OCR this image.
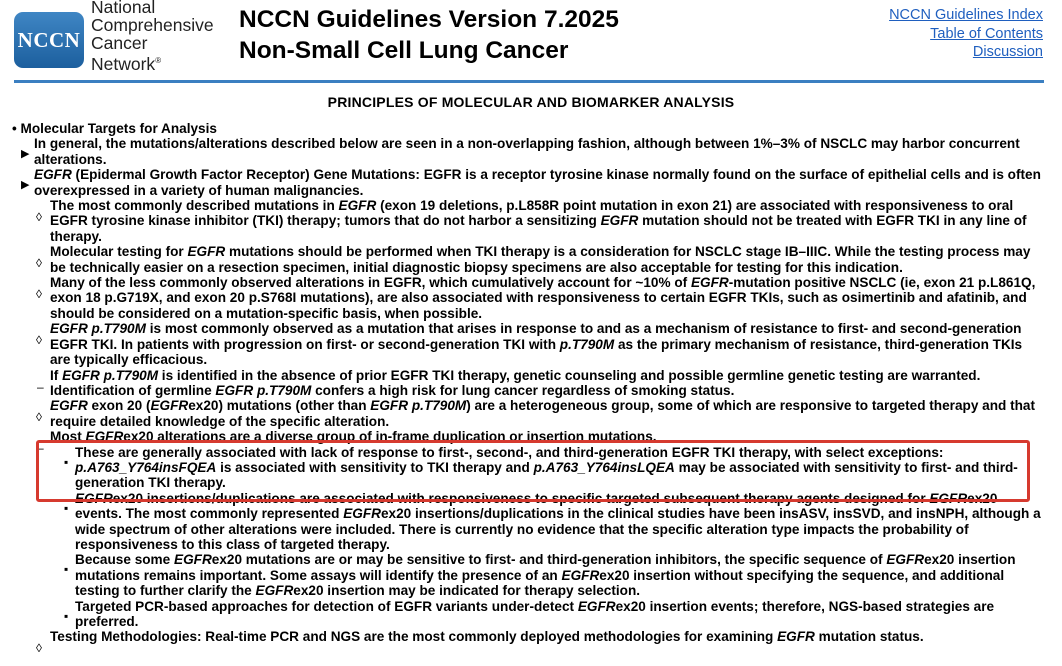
NCCN
National
Comprehensive
Cancer
Network®
NCCN Guidelines Version 7.2025
Non-Small Cell Lung Cancer
NCCN Guidelines Index
Table of Contents
Discussion
PRINCIPLES OF MOLECULAR AND BIOMARKER ANALYSIS

• Molecular Targets for Analysis

▶
In general, the mutations/alterations described below are seen in a non-overlapping fashion, although between 1%–3% of NSCLC may harbor concurrent alterations.

▶
EGFR (Epidermal Growth Factor Receptor) Gene Mutations: EGFR is a receptor tyrosine kinase normally found on the surface of epithelial cells and is often overexpressed in a variety of human malignancies.

◊
The most commonly described mutations in EGFR (exon 19 deletions, p.L858R point mutation in exon 21) are associated with responsiveness to oral EGFR tyrosine kinase inhibitor (TKI) therapy; tumors that do not harbor a sensitizing EGFR mutation should not be treated with EGFR TKI in any line of therapy.

◊
Molecular testing for EGFR mutations should be performed when TKI therapy is a consideration for NSCLC stage IB–IIIC. While the testing process may be technically easier on a resection specimen, initial diagnostic biopsy specimens are also acceptable for testing for this indication.

◊
Many of the less commonly observed alterations in EGFR, which cumulatively account for ~10% of EGFR-mutation positive NSCLC (ie, exon 21 p.L861Q, exon 18 p.G719X, and exon 20 p.S768I mutations), are also associated with responsiveness to certain EGFR TKIs, such as osimertinib and afatinib, and should be considered on a mutation-specific basis, when possible.

◊
EGFR p.T790M is most commonly observed as a mutation that arises in response to and as a mechanism of resistance to first- and second-generation EGFR TKI. In patients with progression on first- or second-generation TKI with p.T790M as the primary mechanism of resistance, third-generation TKIs are typically efficacious.

–
If EGFR p.T790M is identified in the absence of prior EGFR TKI therapy, genetic counseling and possible germline genetic testing are warranted. Identification of germline EGFR p.T790M confers a high risk for lung cancer regardless of smoking status.

◊
EGFR exon 20 (EGFRex20) mutations (other than EGFR p.T790M) are a heterogeneous group, some of which are responsive to targeted therapy and that require detailed knowledge of the specific alteration.

–
Most EGFRex20 alterations are a diverse group of in-frame duplication or insertion mutations.

▪
These are generally associated with lack of response to first-, second-, and third-generation EGFR TKI therapy, with select exceptions: p.A763_Y764insFQEA is associated with sensitivity to TKI therapy and p.A763_Y764insLQEA may be associated with sensitivity to first- and third-generation TKI therapy.

▪
EGFRex20 insertions/duplications are associated with responsiveness to specific targeted subsequent therapy agents designed for EGFRex20 events. The most commonly represented EGFRex20 insertions/duplications in the clinical studies have been insASV, insSVD, and insNPH, although a wide spectrum of other alterations were included. There is currently no evidence that the specific alteration type impacts the probability of responsiveness to this class of targeted therapy.

▪
Because some EGFRex20 mutations are or may be sensitive to first- and third-generation inhibitors, the specific sequence of EGFRex20 insertion mutations remains important. Some assays will identify the presence of an EGFRex20 insertion without specifying the sequence, and additional testing to further clarify the EGFRex20 insertion may be indicated for therapy selection.

▪
Targeted PCR-based approaches for detection of EGFR variants under-detect EGFRex20 insertion events; therefore, NGS-based strategies are preferred.

◊
Testing Methodologies: Real-time PCR and NGS are the most commonly deployed methodologies for examining EGFR mutation status.
